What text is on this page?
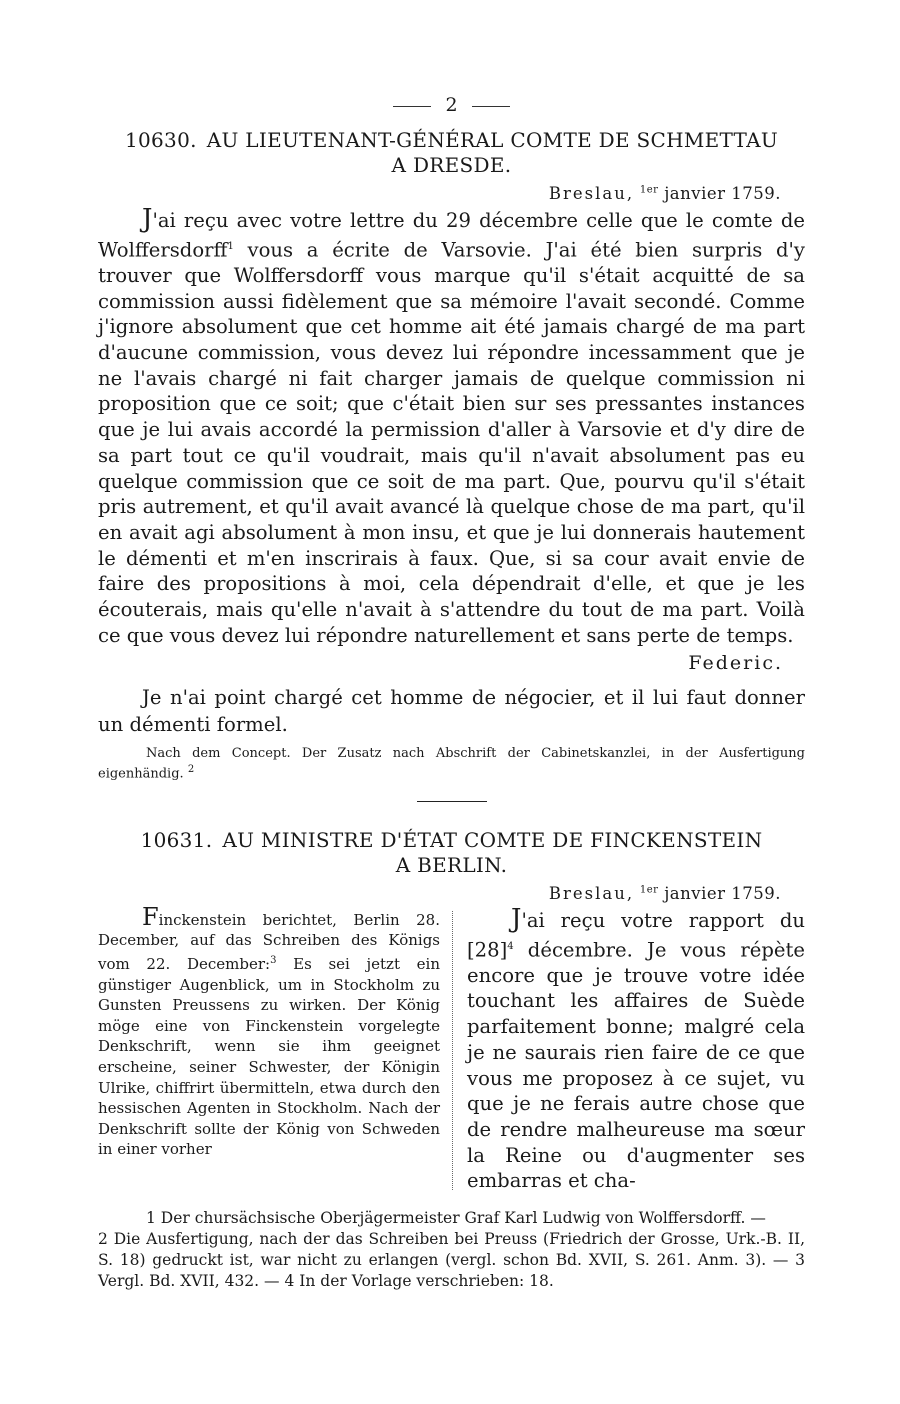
2
10630. AU LIEUTENANT-GÉNÉRAL COMTE DE SCHMETTAU
A DRESDE.
Breslau, $^{1er}$ janvier 1759.

J'ai reçu avec votre lettre du 29 décembre celle que le comte de Wolffersdorff$^1$ vous a écrite de Varsovie. J'ai été bien surpris d'y trouver que Wolffersdorff vous marque qu'il s'était acquitté de sa commission aussi fidèlement que sa mémoire l'avait secondé. Comme j'ignore absolument que cet homme ait été jamais chargé de ma part d'aucune commission, vous devez lui répondre incessamment que je ne l'avais chargé ni fait charger jamais de quelque commission ni proposition que ce soit; que c'était bien sur ses pressantes instances que je lui avais accordé la permission d'aller à Varsovie et d'y dire de sa part tout ce qu'il voudrait, mais qu'il n'avait absolument pas eu quelque commission que ce soit de ma part. Que, pourvu qu'il s'était pris autrement, et qu'il avait avancé là quelque chose de ma part, qu'il en avait agi absolument à mon insu, et que je lui donnerais hautement le démenti et m'en inscrirais à faux. Que, si sa cour avait envie de faire des propositions à moi, cela dépendrait d'elle, et que je les écouterais, mais qu'elle n'avait à s'attendre du tout de ma part. Voilà ce que vous devez lui répondre naturellement et sans perte de temps.

Federic.

Je n'ai point chargé cet homme de négocier, et il lui faut donner un démenti formel.

Nach dem Concept. Der Zusatz nach Abschrift der Cabinetskanzlei, in der Ausfertigung eigenhändig. $^2$
10631. AU MINISTRE D'ÉTAT COMTE DE FINCKENSTEIN
A BERLIN.
Breslau, $^{1er}$ janvier 1759.
Finckenstein berichtet, Berlin 28. December, auf das Schreiben des Königs vom 22. December:$^3$ Es sei jetzt ein günstiger Augenblick, um in Stockholm zu Gunsten Preussens zu wirken. Der König möge eine von Finckenstein vorgelegte Denkschrift, wenn sie ihm geeignet erscheine, seiner Schwester, der Königin Ulrike, chiffrirt übermitteln, etwa durch den hessischen Agenten in Stockholm. Nach der Denkschrift sollte der König von Schweden in einer vorher
J'ai reçu votre rapport du [28]$^4$ décembre. Je vous répète encore que je trouve votre idée touchant les affaires de Suède parfaitement bonne; malgré cela je ne saurais rien faire de ce que vous me proposez à ce sujet, vu que je ne ferais autre chose que de rendre malheureuse ma sœur la Reine ou d'augmenter ses embarras et cha-
1 Der chursächsische Oberjägermeister Graf Karl Ludwig von Wolffersdorff. —
2 Die Ausfertigung, nach der das Schreiben bei Preuss (Friedrich der Grosse, Urk.-B. II, S. 18) gedruckt ist, war nicht zu erlangen (vergl. schon Bd. XVII, S. 261. Anm. 3). — 3 Vergl. Bd. XVII, 432. — 4 In der Vorlage verschrieben: 18.
